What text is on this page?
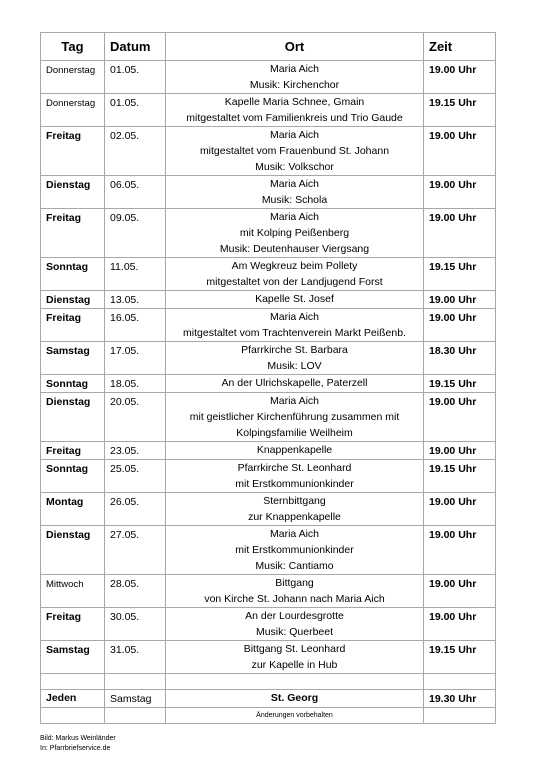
Tag	Datum	Ort	Zeit
Donnerstag	01.05.	Maria Aich
Musik: Kirchenchor	19.00 Uhr
Donnerstag	01.05.	Kapelle Maria Schnee, Gmain
mitgestaltet vom Familienkreis und Trio Gaude	19.15 Uhr
Freitag	02.05.	Maria Aich
mitgestaltet vom Frauenbund St. Johann
Musik: Volkschor	19.00 Uhr
Dienstag	06.05.	Maria Aich
Musik: Schola	19.00 Uhr
Freitag	09.05.	Maria Aich
mit Kolping Peißenberg
Musik: Deutenhauser Viergsang	19.00 Uhr
Sonntag	11.05.	Am Wegkreuz beim Pollety
mitgestaltet von der Landjugend Forst	19.15 Uhr
Dienstag	13.05.	Kapelle St. Josef	19.00 Uhr
Freitag	16.05.	Maria Aich
mitgestaltet vom Trachtenverein Markt Peißenb.	19.00 Uhr
Samstag	17.05.	Pfarrkirche St. Barbara
Musik: LOV	18.30 Uhr
Sonntag	18.05.	An der Ulrichskapelle, Paterzell	19.15 Uhr
Dienstag	20.05.	Maria Aich
mit geistlicher Kirchenführung zusammen mit
Kolpingsfamilie Weilheim	19.00 Uhr
Freitag	23.05.	Knappenkapelle	19.00 Uhr
Sonntag	25.05.	Pfarrkirche St. Leonhard
mit Erstkommunionkinder	19.15 Uhr
Montag	26.05.	Sternbittgang
zur Knappenkapelle	19.00 Uhr
Dienstag	27.05.	Maria Aich
mit Erstkommunionkinder
Musik: Cantiamo	19.00 Uhr
Mittwoch	28.05.	Bittgang
von Kirche St. Johann nach Maria Aich	19.00 Uhr
Freitag	30.05.	An der Lourdesgrotte
Musik: Querbeet	19.00 Uhr
Samstag	31.05.	Bittgang St. Leonhard
zur Kapelle in Hub	19.15 Uhr

Jeden	Samstag	St. Georg	19.30 Uhr
		Änderungen vorbehalten	
Bild: Markus Weinländer
In: Pfarrbriefservice.de
